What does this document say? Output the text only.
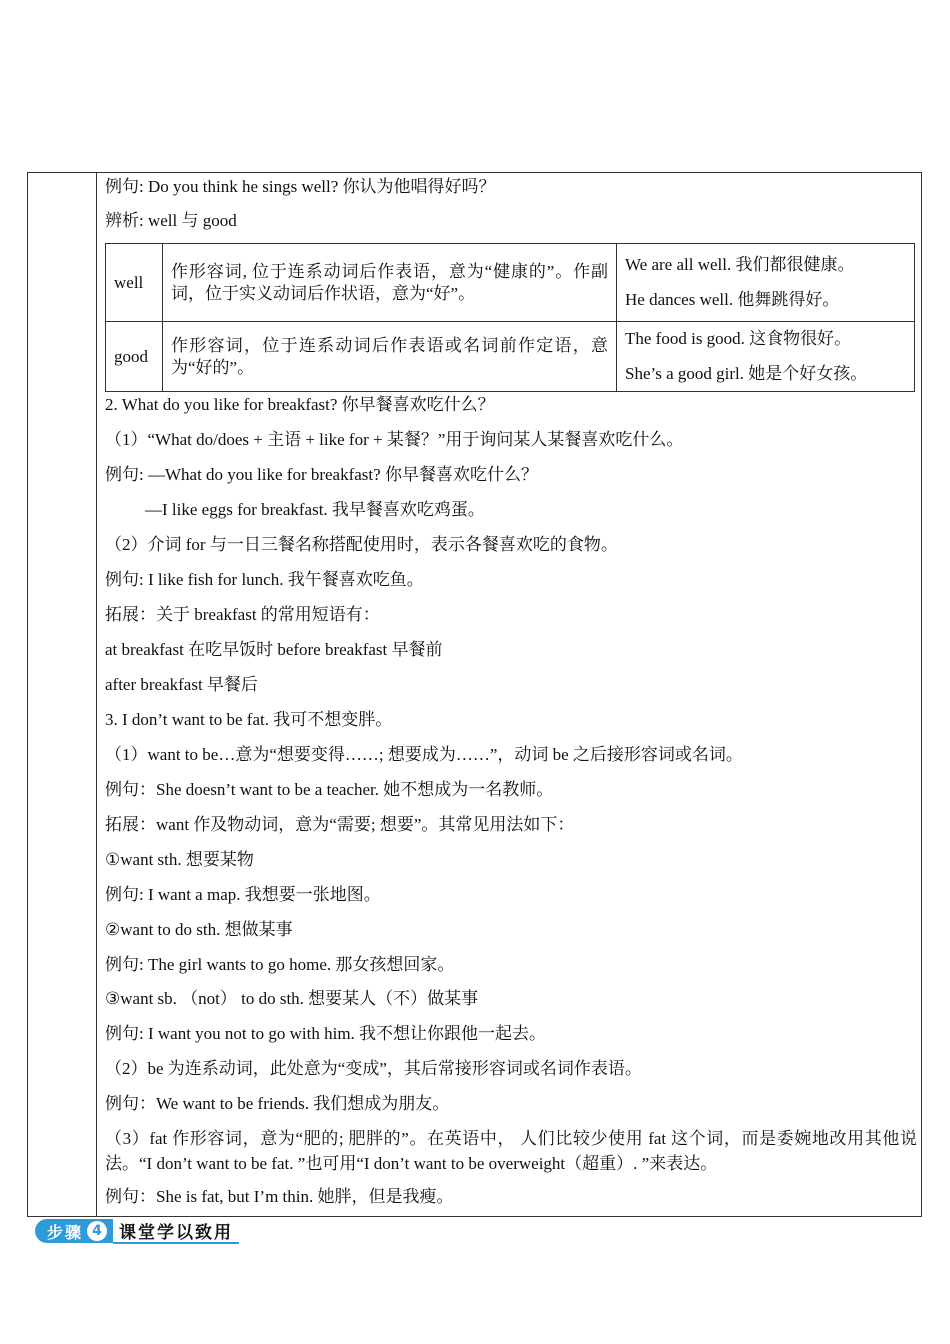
例句: Do you think he sings well? 你认为他唱得好吗？
辨析: well 与 good
well	作形容词, 位于连系动词后作表语，意为“健康的”。作副词，位于实义动词后作状语，意为“好”。	We are all well. 我们都很健康。
He dances well. 他舞跳得好。

good	作形容词，位于连系动词后作表语或名词前作定语，意为“好的”。	The food is good. 这食物很好。
She’s a good girl. 她是个好女孩。
2. What do you like for breakfast? 你早餐喜欢吃什么？
（1）“What do/does + 主语 + like for + 某餐？”用于询问某人某餐喜欢吃什么。
例句: —What do you like for breakfast? 你早餐喜欢吃什么？
—I like eggs for breakfast. 我早餐喜欢吃鸡蛋。
（2）介词 for 与一日三餐名称搭配使用时，表示各餐喜欢吃的食物。
例句: I like fish for lunch. 我午餐喜欢吃鱼。
拓展：关于 breakfast 的常用短语有：
at breakfast 在吃早饭时 before breakfast 早餐前
after breakfast 早餐后
3. I don’t want to be fat. 我可不想变胖。
（1）want to be…意为“想要变得……; 想要成为……”，动词 be 之后接形容词或名词。
例句：She doesn’t want to be a teacher. 她不想成为一名教师。
拓展：want 作及物动词，意为“需要; 想要”。其常见用法如下：
①want sth. 想要某物
例句: I want a map. 我想要一张地图。
②want to do sth. 想做某事
例句: The girl wants to go home. 那女孩想回家。
③want sb. （not） to do sth. 想要某人（不）做某事
例句: I want you not to go with him. 我不想让你跟他一起去。
（2）be 为连系动词，此处意为“变成”，其后常接形容词或名词作表语。
例句：We want to be friends. 我们想成为朋友。
（3）fat 作形容词，意为“肥的; 肥胖的”。在英语中， 人们比较少使用 fat 这个词，而是委婉地改用其他说法。“I don’t want to be fat. ”也可用“I don’t want to be overweight（超重）. ”来表达。
例句：She is fat, but I’m thin. 她胖，但是我瘦。
步骤 4	课堂学以致用
